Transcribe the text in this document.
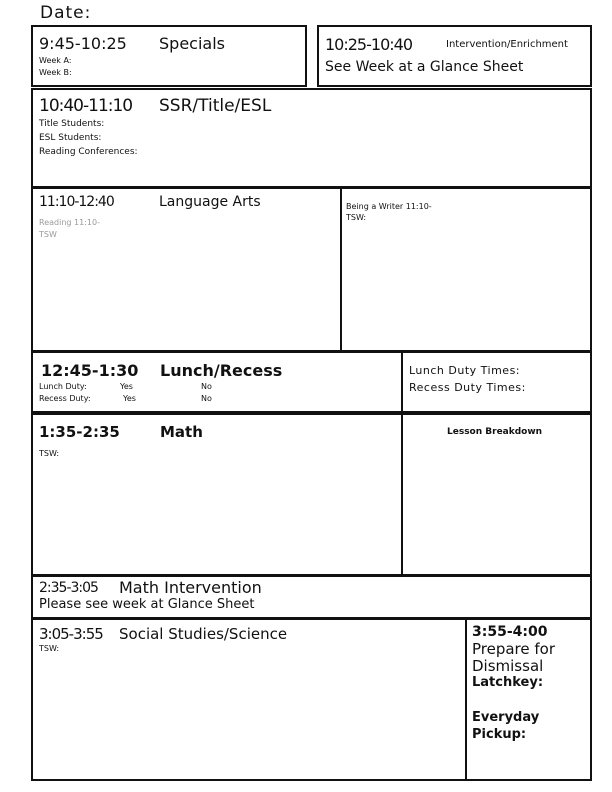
Date:
9:45-10:25 Specials
Week A:
Week B:
10:25-10:40	Intervention/Enrichment
See Week at a Glance Sheet
10:40-11:10 SSR/Title/ESL
Title Students:
ESL Students:
Reading Conferences:
11:10-12:40	Language Arts
Reading 11:10-
TSW
Being a Writer 11:10-
TSW:
12:45-1:30 Lunch/Recess
Lunch Duty:	Yes	No
Recess Duty:	Yes	No
Lunch Duty Times:
Recess Duty Times:
1:35-2:35	Math
TSW:
Lesson Breakdown
2:35-3:05 Math Intervention
Please see week at Glance Sheet
3:05-3:55 Social Studies/Science
TSW:
3:55-4:00
Prepare for
Dismissal
Latchkey:
Everyday
Pickup:
